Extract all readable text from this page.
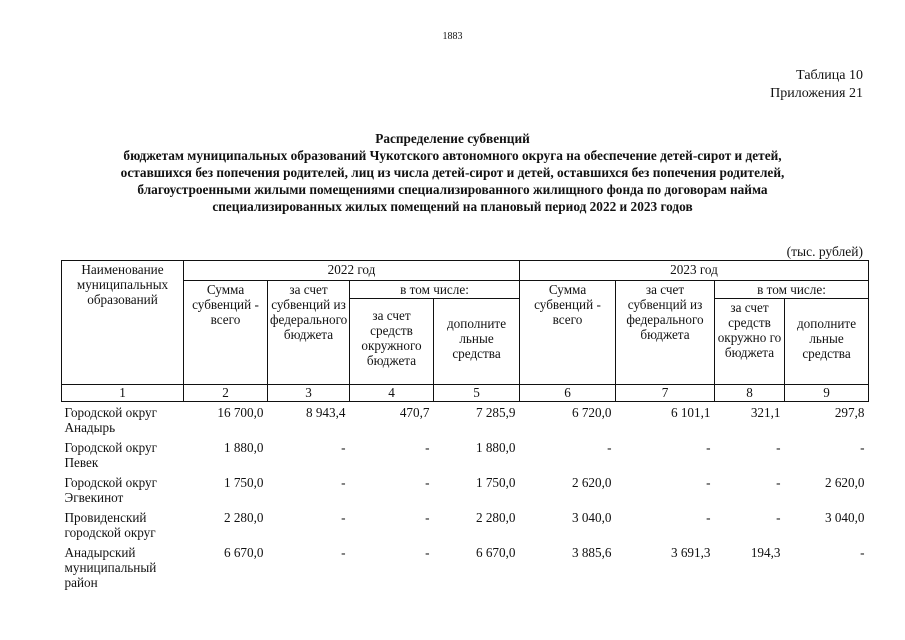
1883
Таблица 10
Приложения 21
Распределение субвенций
бюджетам муниципальных образований Чукотского автономного округа на обеспечение детей-сирот и детей,
оставшихся без попечения родителей, лиц из числа детей-сирот и детей, оставшихся без попечения родителей,
благоустроенными жилыми помещениями специализированного жилищного фонда по договорам найма
специализированных жилых помещений на плановый период 2022 и 2023 годов
(тыс. рублей)
Наименование муниципальных образований	2022 год				2023 год			
	Сумма субвенций - всего	за счет субвенций из федерального бюджета	в том числе:		Сумма субвенций - всего	за счет субвенций из федерального бюджета	в том числе:	
			за счет средств окружного бюджета	дополните льные средства			за счет средств окружно го бюджета	дополните льные средства
1	2	3	4	5	6	7	8	9
Городской округ Анадырь	16 700,0	8 943,4	470,7	7 285,9	6 720,0	6 101,1	321,1	297,8
Городской округ Певек	1 880,0	-	-	1 880,0	-	-	-	-
Городской округ Эгвекинот	1 750,0	-	-	1 750,0	2 620,0	-	-	2 620,0
Провиденский городской округ	2 280,0	-	-	2 280,0	3 040,0	-	-	3 040,0
Анадырский муниципальный район	6 670,0	-	-	6 670,0	3 885,6	3 691,3	194,3	-
